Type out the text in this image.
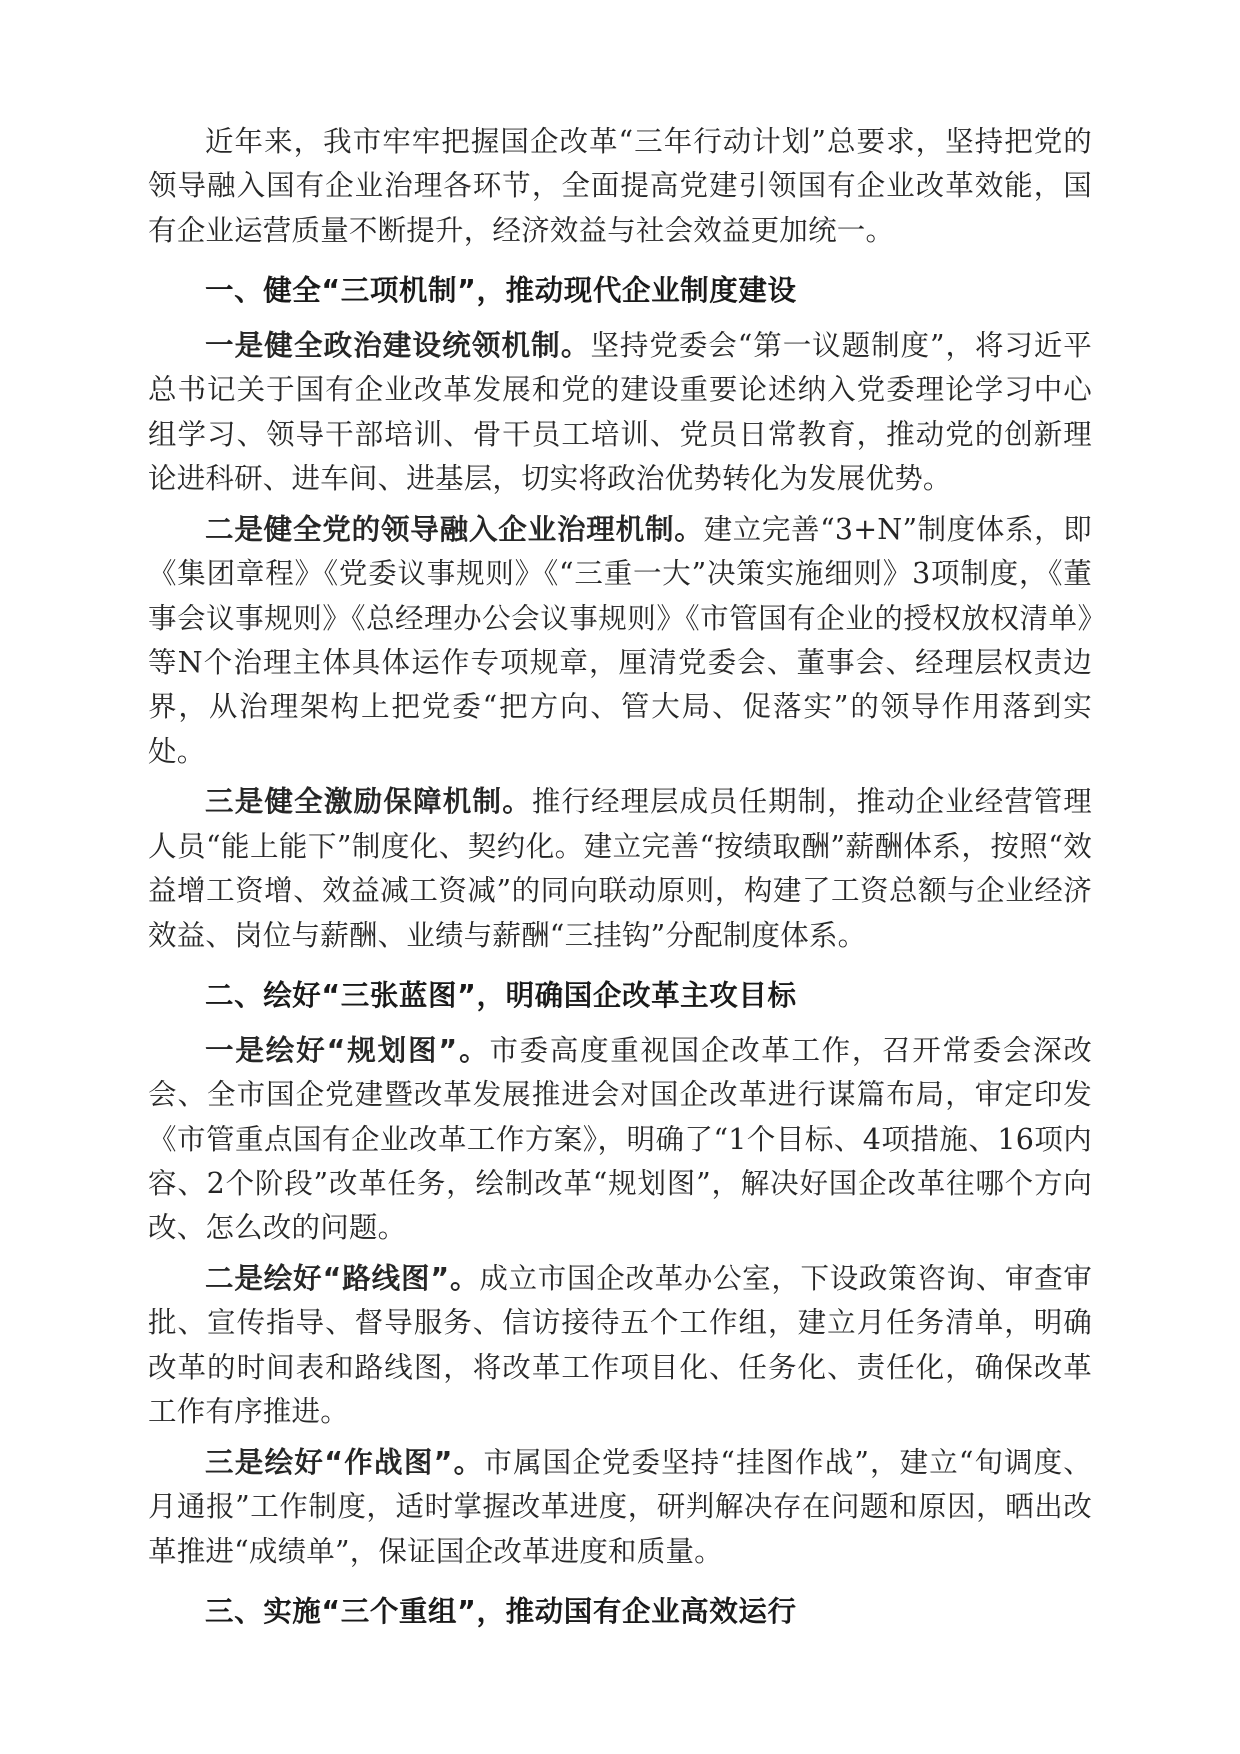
近年来，我市牢牢把握国企改革“三年行动计划”总要求，坚持把党的领导融入国有企业治理各环节，全面提高党建引领国有企业改革效能，国有企业运营质量不断提升，经济效益与社会效益更加统一。

一、健全“三项机制”，推动现代企业制度建设

一是健全政治建设统领机制。坚持党委会“第一议题制度”，将习近平总书记关于国有企业改革发展和党的建设重要论述纳入党委理论学习中心组学习、领导干部培训、骨干员工培训、党员日常教育，推动党的创新理论进科研、进车间、进基层，切实将政治优势转化为发展优势。

二是健全党的领导融入企业治理机制。建立完善“3+N”制度体系，即《集团章程》《党委议事规则》《“三重一大”决策实施细则》3项制度，《董事会议事规则》《总经理办公会议事规则》《市管国有企业的授权放权清单》等N个治理主体具体运作专项规章，厘清党委会、董事会、经理层权责边界，从治理架构上把党委“把方向、管大局、促落实”的领导作用落到实处。

三是健全激励保障机制。推行经理层成员任期制，推动企业经营管理人员“能上能下”制度化、契约化。建立完善“按绩取酬”薪酬体系，按照“效益增工资增、效益减工资减”的同向联动原则，构建了工资总额与企业经济效益、岗位与薪酬、业绩与薪酬“三挂钩”分配制度体系。

二、绘好“三张蓝图”，明确国企改革主攻目标

一是绘好“规划图”。市委高度重视国企改革工作，召开常委会深改会、全市国企党建暨改革发展推进会对国企改革进行谋篇布局，审定印发《市管重点国有企业改革工作方案》，明确了“1个目标、4项措施、16项内容、2个阶段”改革任务，绘制改革“规划图”，解决好国企改革往哪个方向改、怎么改的问题。

二是绘好“路线图”。成立市国企改革办公室，下设政策咨询、审查审批、宣传指导、督导服务、信访接待五个工作组，建立月任务清单，明确改革的时间表和路线图，将改革工作项目化、任务化、责任化，确保改革工作有序推进。

三是绘好“作战图”。市属国企党委坚持“挂图作战”，建立“旬调度、月通报”工作制度，适时掌握改革进度，研判解决存在问题和原因，晒出改革推进“成绩单”，保证国企改革进度和质量。

三、实施“三个重组”，推动国有企业高效运行
